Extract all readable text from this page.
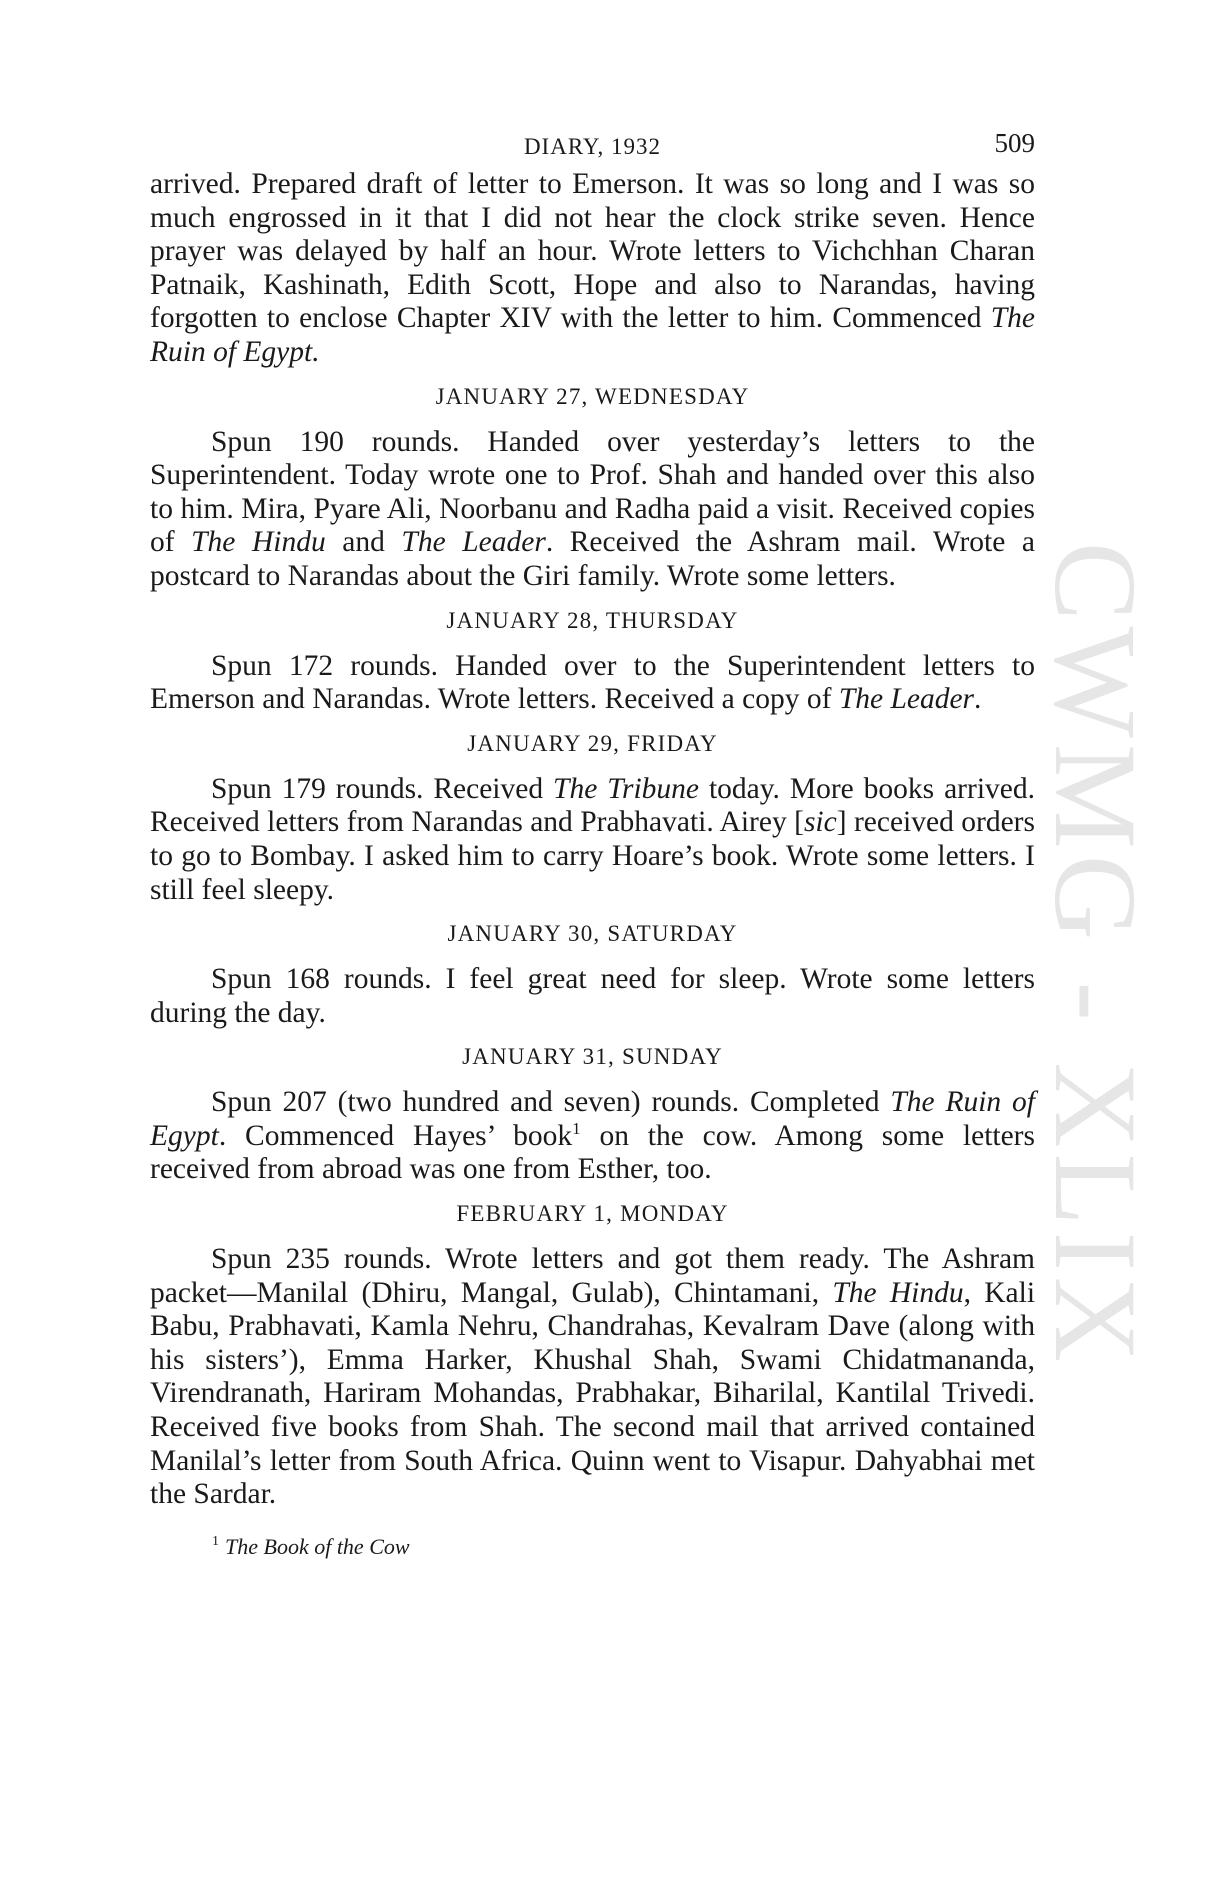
CWMG - XLIX
DIARY, 1932	509

arrived. Prepared draft of letter to Emerson. It was so long and I was so much engrossed in it that I did not hear the clock strike seven. Hence prayer was delayed by half an hour. Wrote letters to Vichchhan Charan Patnaik, Kashinath, Edith Scott, Hope and also to Narandas, having forgotten to enclose Chapter XIV with the letter to him. Commenced The Ruin of Egypt.

JANUARY 27, WEDNESDAY

Spun 190 rounds. Handed over yesterday’s letters to the Superintendent. Today wrote one to Prof. Shah and handed over this also to him. Mira, Pyare Ali, Noorbanu and Radha paid a visit. Received copies of The Hindu and The Leader. Received the Ashram mail. Wrote a postcard to Narandas about the Giri family. Wrote some letters.

JANUARY 28, THURSDAY

Spun 172 rounds. Handed over to the Superintendent letters to Emerson and Narandas. Wrote letters. Received a copy of The Leader.

JANUARY 29, FRIDAY

Spun 179 rounds. Received The Tribune today. More books arrived. Received letters from Narandas and Prabhavati. Airey [sic] received orders to go to Bombay. I asked him to carry Hoare’s book. Wrote some letters. I still feel sleepy.

JANUARY 30, SATURDAY

Spun 168 rounds. I feel great need for sleep. Wrote some letters during the day.

JANUARY 31, SUNDAY

Spun 207 (two hundred and seven) rounds. Completed The Ruin of Egypt. Commenced Hayes’ book$^1$ on the cow. Among some letters received from abroad was one from Esther, too.

FEBRUARY 1, MONDAY

Spun 235 rounds. Wrote letters and got them ready. The Ashram packet—Manilal (Dhiru, Mangal, Gulab), Chintamani, The Hindu, Kali Babu, Prabhavati, Kamla Nehru, Chandrahas, Kevalram Dave (along with his sisters’), Emma Harker, Khushal Shah, Swami Chidatmananda, Virendranath, Hariram Mohandas, Prabhakar, Biharilal, Kantilal Trivedi. Received five books from Shah. The second mail that arrived contained Manilal’s letter from South Africa. Quinn went to Visapur. Dahyabhai met the Sardar.

$^1$ The Book of the Cow
